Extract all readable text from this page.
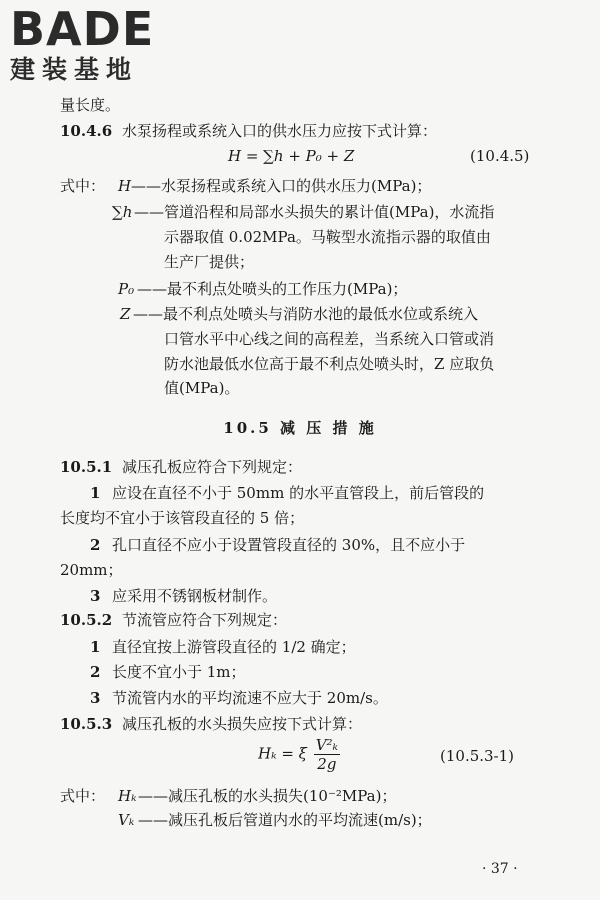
BADE
建装基地
量长度。
10.4.6 水泵扬程或系统入口的供水压力应按下式计算：
H = ∑h + P₀ + Z	(10.4.5)
式中： H ——水泵扬程或系统入口的供水压力(MPa)；
∑h ——管道沿程和局部水头损失的累计值(MPa)，水流指
示器取值 0.02MPa。马鞍型水流指示器的取值由
生产厂提供；
P₀ ——最不利点处喷头的工作压力(MPa)；
Z ——最不利点处喷头与消防水池的最低水位或系统入
口管水平中心线之间的高程差，当系统入口管或消
防水池最低水位高于最不利点处喷头时，Z 应取负
值(MPa)。
10.5 减 压 措 施
10.5.1 减压孔板应符合下列规定：
1 应设在直径不小于 50mm 的水平直管段上，前后管段的
长度均不宜小于该管段直径的 5 倍；
2 孔口直径不应小于设置管段直径的 30%，且不应小于
20mm；
3 应采用不锈钢板材制作。
10.5.2 节流管应符合下列规定：
1 直径宜按上游管段直径的 1/2 确定；
2 长度不宜小于 1m；
3 节流管内水的平均流速不应大于 20m/s。
10.5.3 减压孔板的水头损失应按下式计算：
Hₖ = ξ $\frac{\text{V²ₖ}}{2g}$	(10.5.3-1)
式中： Hₖ ——减压孔板的水头损失(10⁻²MPa)；
Vₖ ——减压孔板后管道内水的平均流速(m/s)；
· 37 ·
